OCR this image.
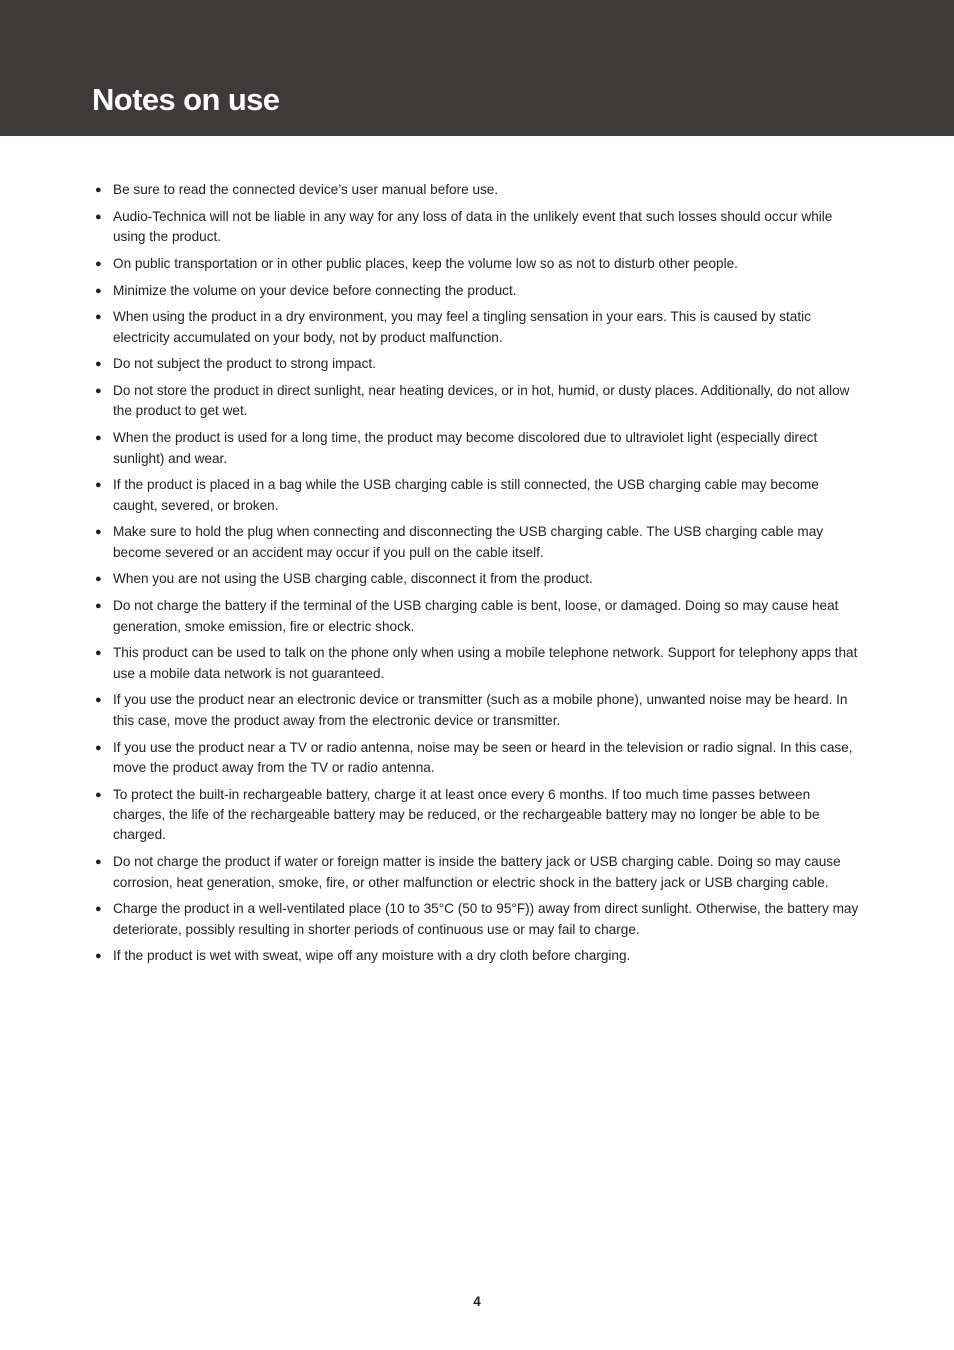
Notes on use
● Be sure to read the connected device’s user manual before use.
● Audio-Technica will not be liable in any way for any loss of data in the unlikely event that such losses should occur while using the product.
● On public transportation or in other public places, keep the volume low so as not to disturb other people.
● Minimize the volume on your device before connecting the product.
● When using the product in a dry environment, you may feel a tingling sensation in your ears. This is caused by static electricity accumulated on your body, not by product malfunction.
● Do not subject the product to strong impact.
● Do not store the product in direct sunlight, near heating devices, or in hot, humid, or dusty places. Additionally, do not allow the product to get wet.
● When the product is used for a long time, the product may become discolored due to ultraviolet light (especially direct sunlight) and wear.
● If the product is placed in a bag while the USB charging cable is still connected, the USB charging cable may become caught, severed, or broken.
● Make sure to hold the plug when connecting and disconnecting the USB charging cable. The USB charging cable may become severed or an accident may occur if you pull on the cable itself.
● When you are not using the USB charging cable, disconnect it from the product.
● Do not charge the battery if the terminal of the USB charging cable is bent, loose, or damaged. Doing so may cause heat generation, smoke emission, fire or electric shock.
● This product can be used to talk on the phone only when using a mobile telephone network. Support for telephony apps that use a mobile data network is not guaranteed.
● If you use the product near an electronic device or transmitter (such as a mobile phone), unwanted noise may be heard. In this case, move the product away from the electronic device or transmitter.
● If you use the product near a TV or radio antenna, noise may be seen or heard in the television or radio signal. In this case, move the product away from the TV or radio antenna.
● To protect the built-in rechargeable battery, charge it at least once every 6 months. If too much time passes between charges, the life of the rechargeable battery may be reduced, or the rechargeable battery may no longer be able to be charged.
● Do not charge the product if water or foreign matter is inside the battery jack or USB charging cable. Doing so may cause corrosion, heat generation, smoke, fire, or other malfunction or electric shock in the battery jack or USB charging cable.
● Charge the product in a well-ventilated place (10 to 35°C (50 to 95°F)) away from direct sunlight. Otherwise, the battery may deteriorate, possibly resulting in shorter periods of continuous use or may fail to charge.
● If the product is wet with sweat, wipe off any moisture with a dry cloth before charging.
4
